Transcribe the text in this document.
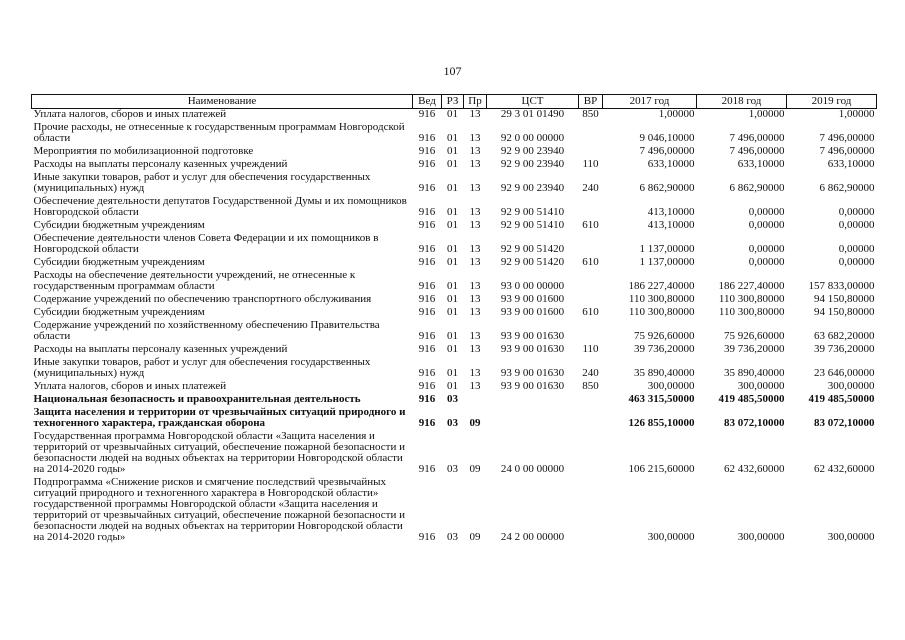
107
Наименование	Вед	РЗ	Пр	ЦСТ	ВР	2017 год	2018 год	2019 год
Уплата налогов, сборов и иных платежей	916	01	13	29 3 01 01490	850	1,00000	1,00000	1,00000
Прочие расходы, не отнесенные к государственным программам Новгородской области	916	01	13	92 0 00 00000		9 046,10000	7 496,00000	7 496,00000
Мероприятия по мобилизационной подготовке	916	01	13	92 9 00 23940		7 496,00000	7 496,00000	7 496,00000
Расходы на выплаты персоналу казенных учреждений	916	01	13	92 9 00 23940	110	633,10000	633,10000	633,10000
Иные закупки товаров, работ и услуг для обеспечения государственных (муниципальных) нужд	916	01	13	92 9 00 23940	240	6 862,90000	6 862,90000	6 862,90000
Обеспечение деятельности депутатов Государственной Думы и их помощников Новгородской области	916	01	13	92 9 00 51410		413,10000	0,00000	0,00000
Субсидии бюджетным учреждениям	916	01	13	92 9 00 51410	610	413,10000	0,00000	0,00000
Обеспечение деятельности членов Совета Федерации и их помощников в Новгородской области	916	01	13	92 9 00 51420		1 137,00000	0,00000	0,00000
Субсидии бюджетным учреждениям	916	01	13	92 9 00 51420	610	1 137,00000	0,00000	0,00000
Расходы на обеспечение деятельности учреждений, не отнесенные к государственным программам области	916	01	13	93 0 00 00000		186 227,40000	186 227,40000	157 833,00000
Содержание учреждений по обеспечению транспортного обслуживания	916	01	13	93 9 00 01600		110 300,80000	110 300,80000	94 150,80000
Субсидии бюджетным учреждениям	916	01	13	93 9 00 01600	610	110 300,80000	110 300,80000	94 150,80000
Содержание учреждений по хозяйственному обеспечению Правительства области	916	01	13	93 9 00 01630		75 926,60000	75 926,60000	63 682,20000
Расходы на выплаты персоналу казенных учреждений	916	01	13	93 9 00 01630	110	39 736,20000	39 736,20000	39 736,20000
Иные закупки товаров, работ и услуг для обеспечения государственных (муниципальных) нужд	916	01	13	93 9 00 01630	240	35 890,40000	35 890,40000	23 646,00000
Уплата налогов, сборов и иных платежей	916	01	13	93 9 00 01630	850	300,00000	300,00000	300,00000
Национальная безопасность и правоохранительная деятельность	916	03				463 315,50000	419 485,50000	419 485,50000
Защита населения и территории от чрезвычайных ситуаций природного и техногенного характера, гражданская оборона	916	03	09			126 855,10000	83 072,10000	83 072,10000
Государственная программа Новгородской области «Защита населения и территорий от чрезвычайных ситуаций, обеспечение пожарной безопасности и безопасности людей на водных объектах на территории Новгородской области на 2014-2020 годы»	916	03	09	24 0 00 00000		106 215,60000	62 432,60000	62 432,60000
Подпрограмма «Снижение рисков и смягчение последствий чрезвычайных ситуаций природного и техногенного характера в Новгородской области» государственной программы Новгородской области «Защита населения и территорий от чрезвычайных ситуаций, обеспечение пожарной безопасности и безопасности людей на водных объектах на территории Новгородской области на 2014-2020 годы»	916	03	09	24 2 00 00000		300,00000	300,00000	300,00000
